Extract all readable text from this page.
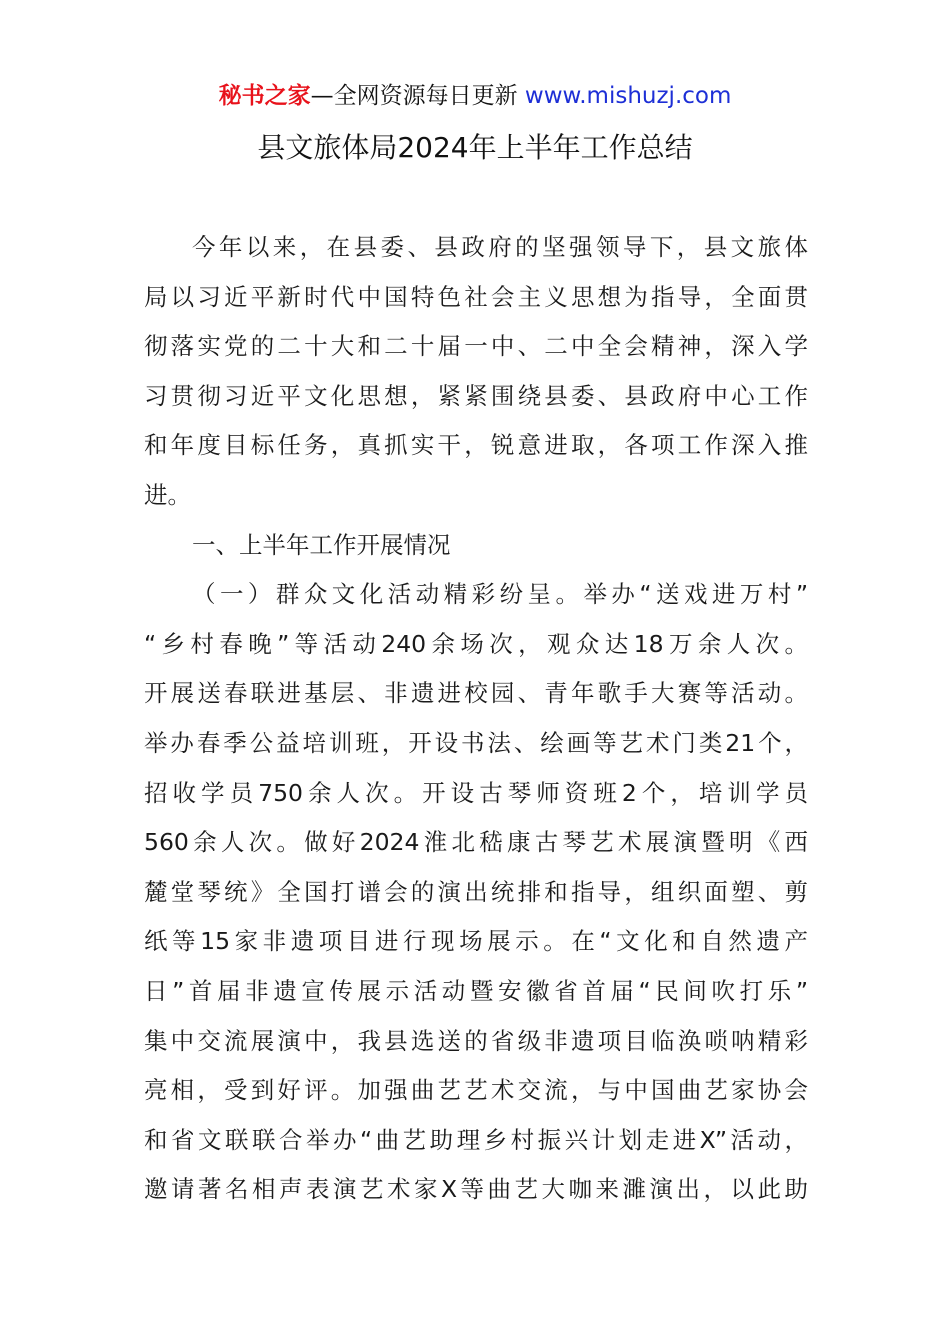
秘书之家—全网资源每日更新 www.mishuzj.com
县文旅体局2024年上半年工作总结
今年以来，在县委、县政府的坚强领导下，县文旅体
局以习近平新时代中国特色社会主义思想为指导，全面贯
彻落实党的二十大和二十届一中、二中全会精神，深入学
习贯彻习近平文化思想，紧紧围绕县委、县政府中心工作
和年度目标任务，真抓实干，锐意进取，各项工作深入推
进。
一、上半年工作开展情况
（一）群众文化活动精彩纷呈。举办“送戏进万村”
“乡村春晚”等活动240余场次，观众达18万余人次。
开展送春联进基层、非遗进校园、青年歌手大赛等活动。
举办春季公益培训班，开设书法、绘画等艺术门类21个，
招收学员750余人次。开设古琴师资班2个，培训学员
560余人次。做好2024淮北嵇康古琴艺术展演暨明《西
麓堂琴统》全国打谱会的演出统排和指导，组织面塑、剪
纸等15家非遗项目进行现场展示。在“文化和自然遗产
日”首届非遗宣传展示活动暨安徽省首届“民间吹打乐”
集中交流展演中，我县选送的省级非遗项目临涣唢呐精彩
亮相，受到好评。加强曲艺艺术交流，与中国曲艺家协会
和省文联联合举办“曲艺助理乡村振兴计划走进X”活动，
邀请著名相声表演艺术家X等曲艺大咖来濉演出，以此助
